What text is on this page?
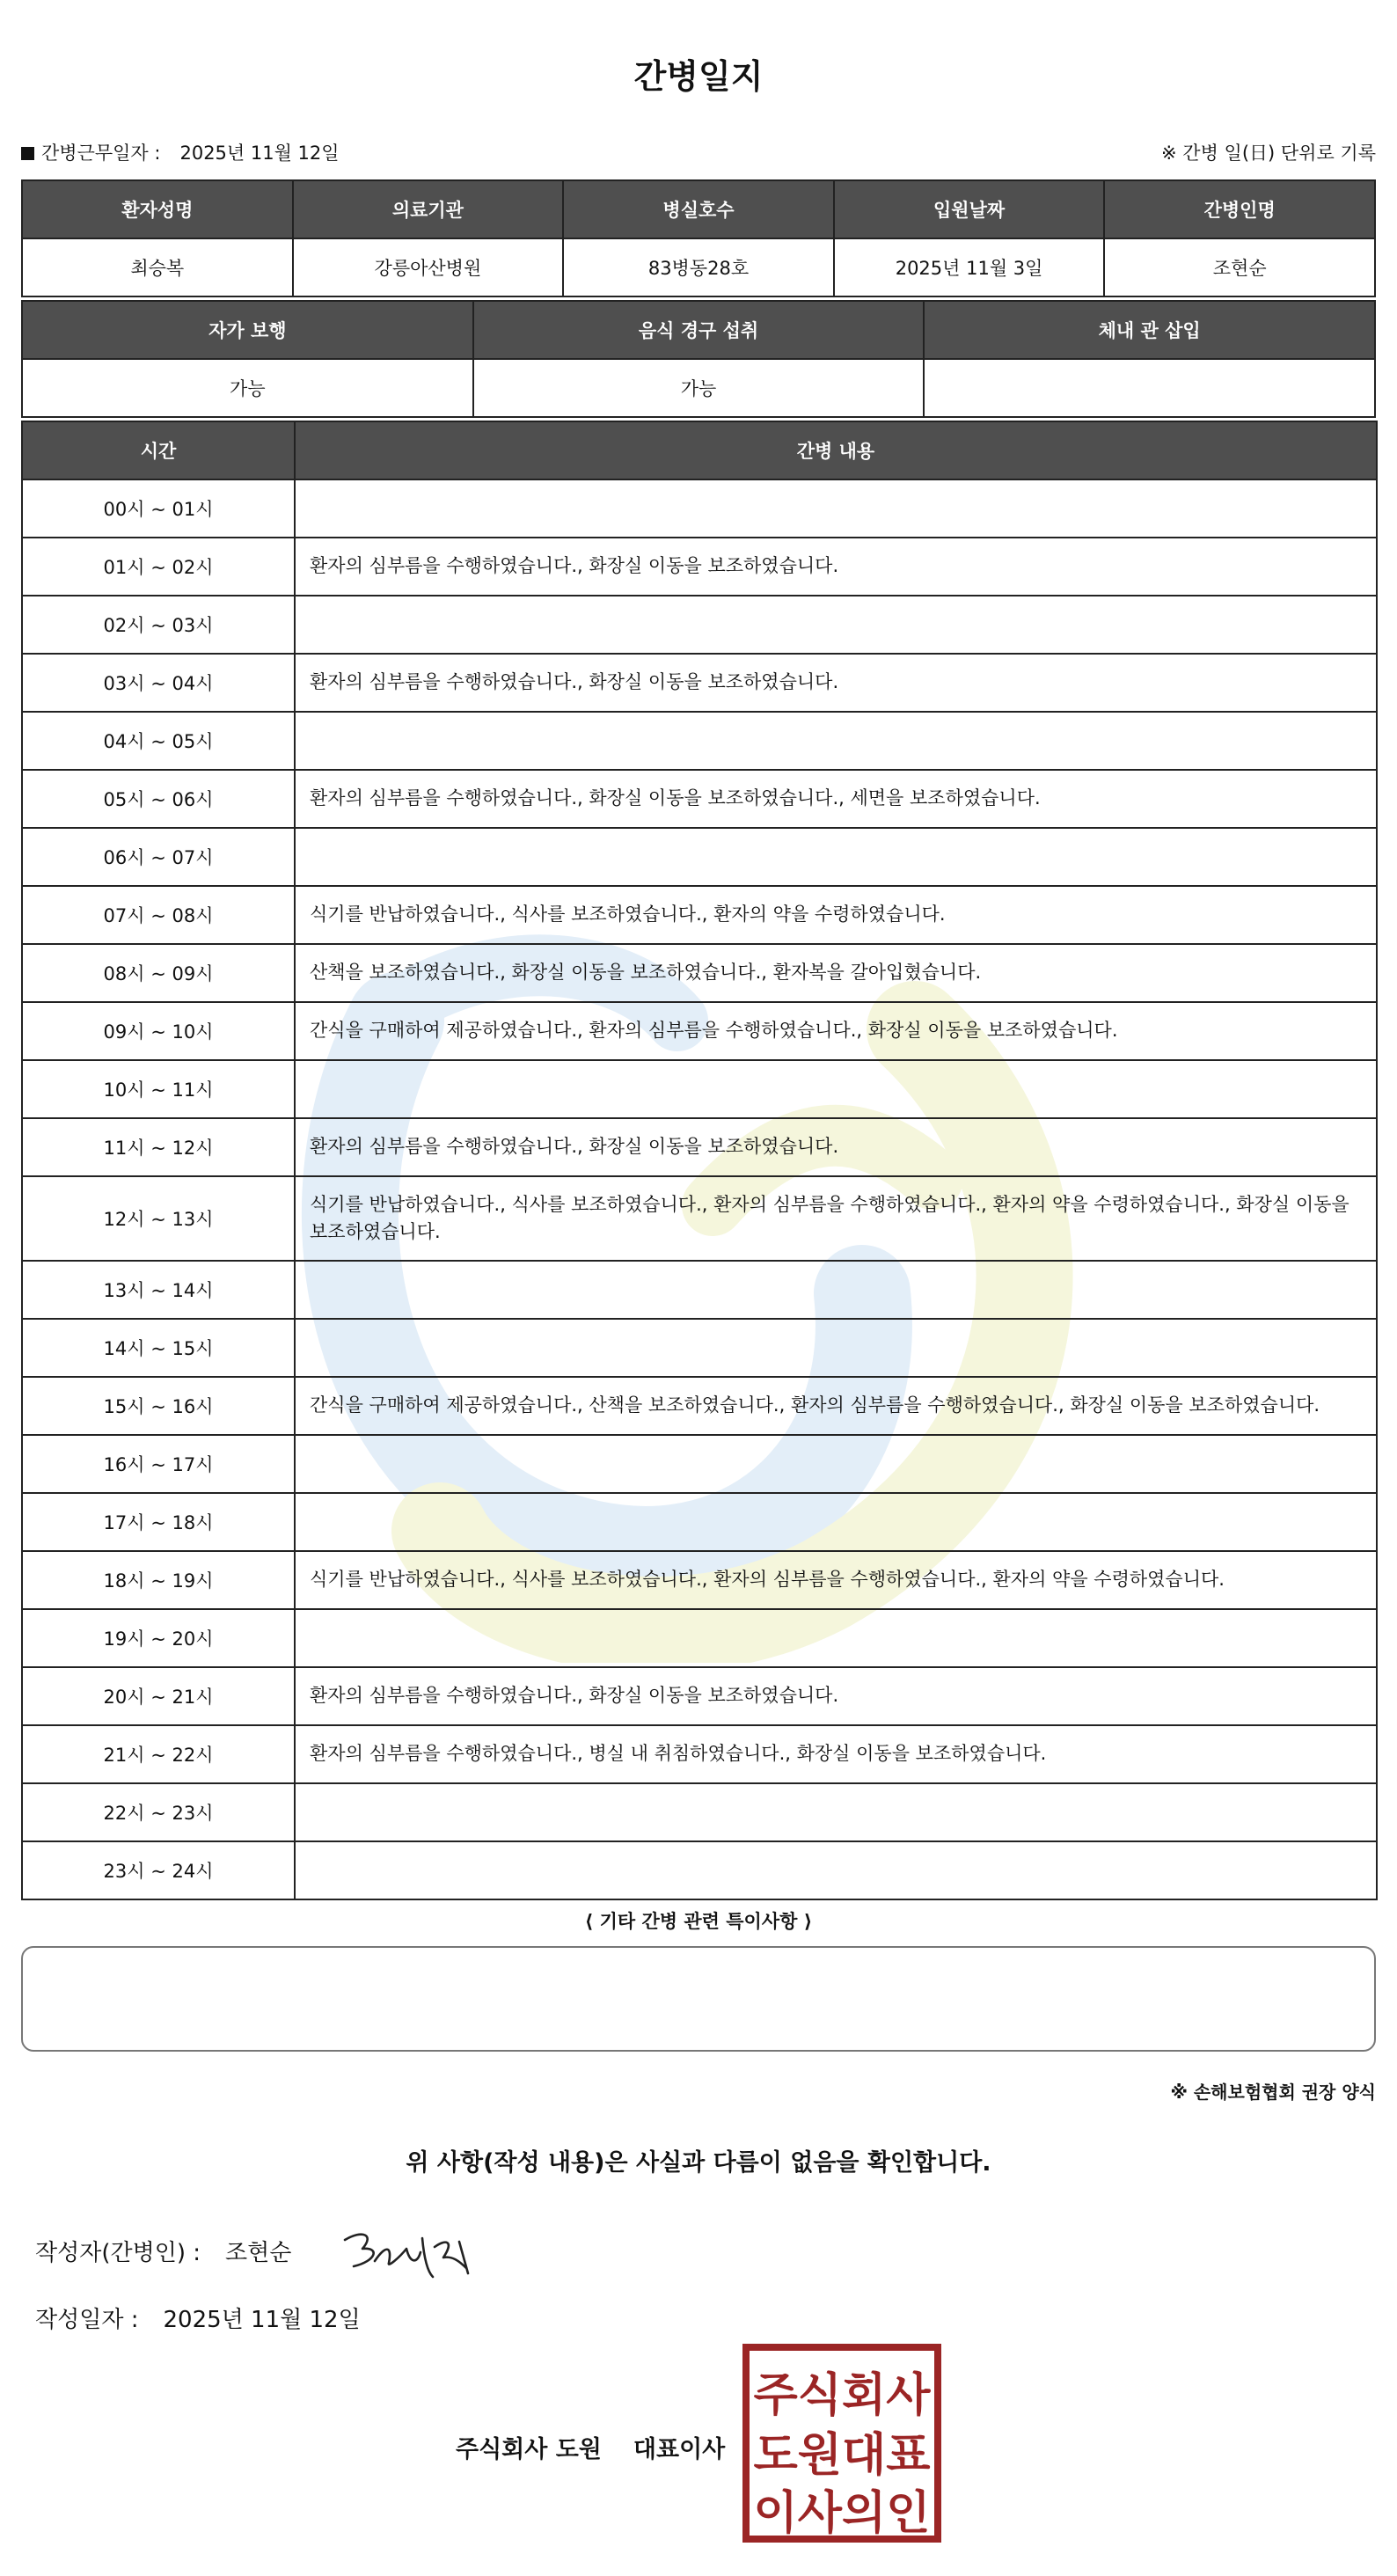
간병일지
간병근무일자 : 2025년 11월 12일	※ 간병 일(日) 단위로 기록
환자성명	의료기관	병실호수	입원날짜	간병인명
최승복	강릉아산병원	83병동28호	2025년 11월 3일	조현순
자가 보행	음식 경구 섭취	체내 관 삽입
가능	가능	
시간	간병 내용
00시 ~ 01시	
01시 ~ 02시	환자의 심부름을 수행하였습니다., 화장실 이동을 보조하였습니다.
02시 ~ 03시	
03시 ~ 04시	환자의 심부름을 수행하였습니다., 화장실 이동을 보조하였습니다.
04시 ~ 05시	
05시 ~ 06시	환자의 심부름을 수행하였습니다., 화장실 이동을 보조하였습니다., 세면을 보조하였습니다.
06시 ~ 07시	
07시 ~ 08시	식기를 반납하였습니다., 식사를 보조하였습니다., 환자의 약을 수령하였습니다.
08시 ~ 09시	산책을 보조하였습니다., 화장실 이동을 보조하였습니다., 환자복을 갈아입혔습니다.
09시 ~ 10시	간식을 구매하여 제공하였습니다., 환자의 심부름을 수행하였습니다., 화장실 이동을 보조하였습니다.
10시 ~ 11시	
11시 ~ 12시	환자의 심부름을 수행하였습니다., 화장실 이동을 보조하였습니다.
12시 ~ 13시	식기를 반납하였습니다., 식사를 보조하였습니다., 환자의 심부름을 수행하였습니다., 환자의 약을 수령하였습니다., 화장실 이동을 보조하였습니다.
13시 ~ 14시	
14시 ~ 15시	
15시 ~ 16시	간식을 구매하여 제공하였습니다., 산책을 보조하였습니다., 환자의 심부름을 수행하였습니다., 화장실 이동을 보조하였습니다.
16시 ~ 17시	
17시 ~ 18시	
18시 ~ 19시	식기를 반납하였습니다., 식사를 보조하였습니다., 환자의 심부름을 수행하였습니다., 환자의 약을 수령하였습니다.
19시 ~ 20시	
20시 ~ 21시	환자의 심부름을 수행하였습니다., 화장실 이동을 보조하였습니다.
21시 ~ 22시	환자의 심부름을 수행하였습니다., 병실 내 취침하였습니다., 화장실 이동을 보조하였습니다.
22시 ~ 23시	
23시 ~ 24시	
⟨ 기타 간병 관련 특이사항 ⟩
※ 손해보험협회 권장 양식
위 사항(작성 내용)은 사실과 다름이 없음을 확인합니다.
작성자(간병인) : 조현순
작성일자 : 2025년 11월 12일
주식회사 도원 대표이사
주식회사
도원대표
이사의인
